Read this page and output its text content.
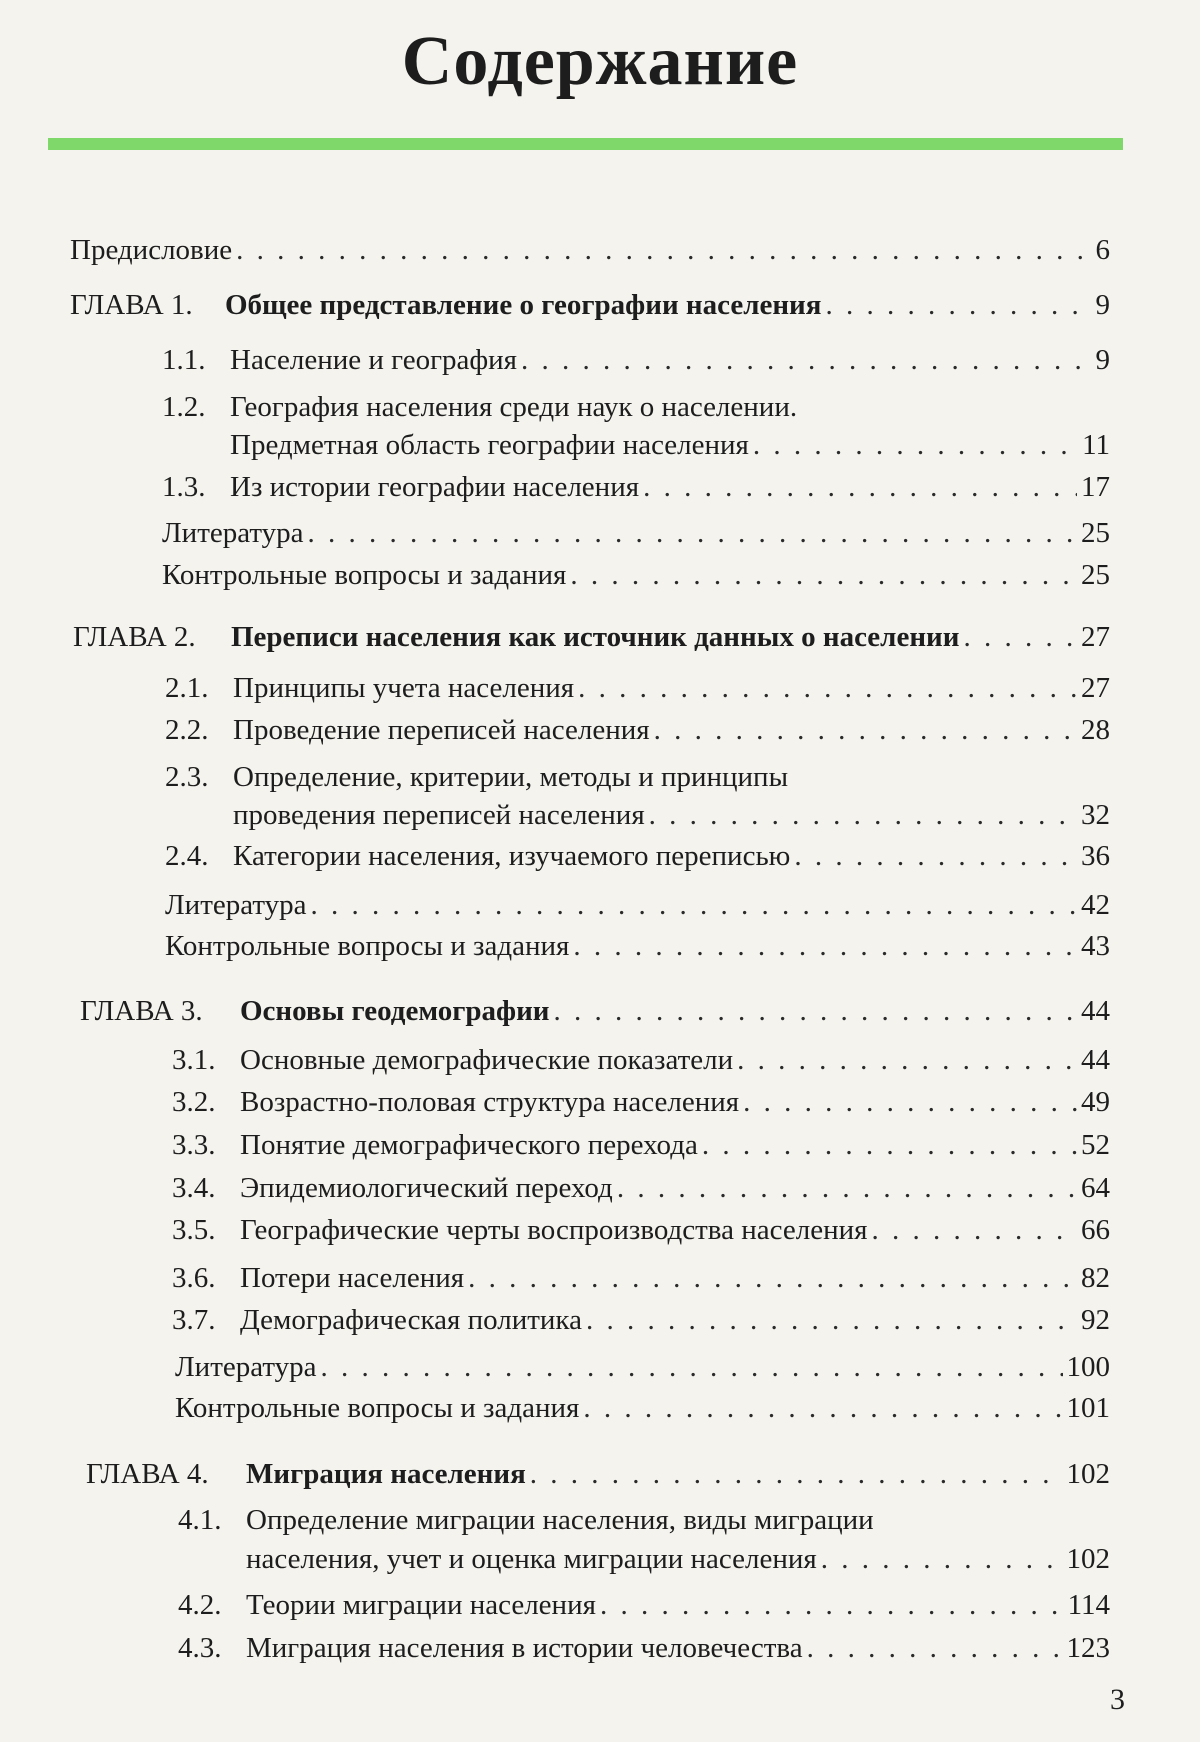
Содержание
Предисловие . . .	6
ГЛАВА 1.	Общее представление о географии населения . . .	9
1.1. Население и география . . .	9
1.2. География населения среди наук о населении.
Предметная область географии населения . . .	11
1.3. Из истории географии населения . . .	17
Литература . . .	25
Контрольные вопросы и задания . . .	25
ГЛАВА 2.	Переписи населения как источник данных о населении . . .	27
2.1. Принципы учета населения . . .	27
2.2. Проведение переписей населения . . .	28
2.3. Определение, критерии, методы и принципы
проведения переписей населения . . .	32
2.4. Категории населения, изучаемого переписью . . .	36
Литература . . .	42
Контрольные вопросы и задания . . .	43
ГЛАВА 3.	Основы геодемографии . . .	44
3.1. Основные демографические показатели . . .	44
3.2. Возрастно-половая структура населения . . .	49
3.3. Понятие демографического перехода . . .	52
3.4. Эпидемиологический переход . . .	64
3.5. Географические черты воспроизводства населения . . .	66
3.6. Потери населения . . .	82
3.7. Демографическая политика . . .	92
Литература . . .	100
Контрольные вопросы и задания . . .	101
ГЛАВА 4.	Миграция населения . . .	102
4.1. Определение миграции населения, виды миграции
населения, учет и оценка миграции населения . . .	102
4.2. Теории миграции населения . . .	114
4.3. Миграция населения в истории человечества . . .	123
3
